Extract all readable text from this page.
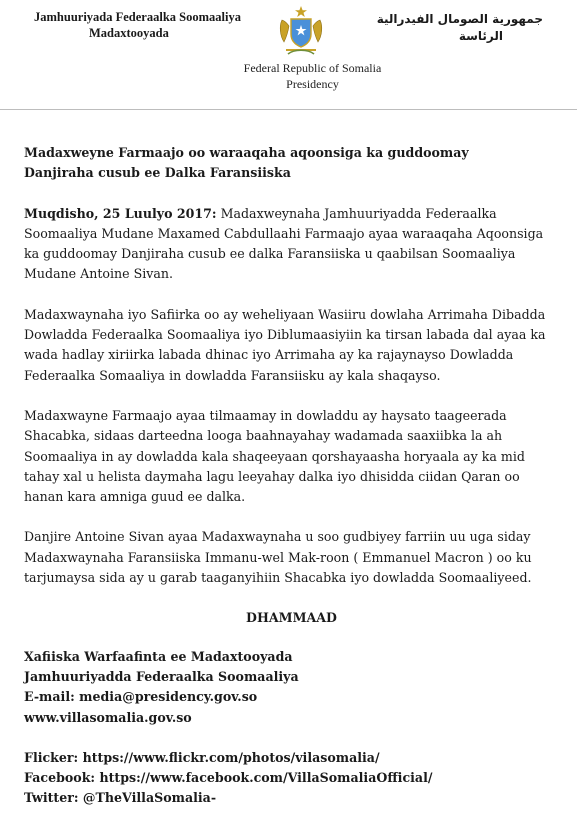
Jamhuuriyada Federaalka Soomaaliya
Madaxtooyada
جمهورية الصومال الفيدرالية
الرئاسة
Federal Republic of Somalia
Presidency
Madaxweyne Farmaajo oo waraaqaha aqoonsiga ka guddoomay
Danjiraha cusub ee Dalka Faransiiska

Muqdisho, 25 Luulyo 2017: Madaxweynaha Jamhuuriyadda Federaalka Soomaaliya Mudane Maxamed Cabdullaahi Farmaajo ayaa waraaqaha Aqoonsiga ka guddoomay Danjiraha cusub ee dalka Faransiiska u qaabilsan Soomaaliya Mudane Antoine Sivan.

Madaxwaynaha iyo Safiirka oo ay weheliyaan Wasiiru dowlaha Arrimaha Dibadda Dowladda Federaalka Soomaaliya iyo Diblumaasiyiin ka tirsan labada dal ayaa ka wada hadlay xiriirka labada dhinac iyo Arrimaha ay ka rajaynayso Dowladda Federaalka Somaaliya in dowladda Faransiisku ay kala shaqayso.

Madaxwayne Farmaajo ayaa tilmaamay in dowladdu ay haysato taageerada Shacabka, sidaas darteedna looga baahnayahay wadamada saaxiibka la ah Soomaaliya in ay dowladda kala shaqeeyaan qorshayaasha horyaala ay ka mid tahay xal u helista daymaha lagu leeyahay dalka iyo dhisidda ciidan Qaran oo hanan kara amniga guud ee dalka.

Danjire Antoine Sivan ayaa Madaxwaynaha u soo gudbiyey farriin uu uga siday Madaxwaynaha Faransiiska Immanu-wel Mak-roon ( Emmanuel Macron ) oo ku tarjumaysa sida ay u garab taaganyihiin Shacabka iyo dowladda Soomaaliyeed.

DHAMMAAD
Xafiiska Warfaafinta ee Madaxtooyada
Jamhuuriyadda Federaalka Soomaaliya
E-mail: media@presidency.gov.so
www.villasomalia.gov.so
Flicker: https://www.flickr.com/photos/vilasomalia/
Facebook: https://www.facebook.com/VillaSomaliaOfficial/
Twitter: @TheVillaSomalia-
